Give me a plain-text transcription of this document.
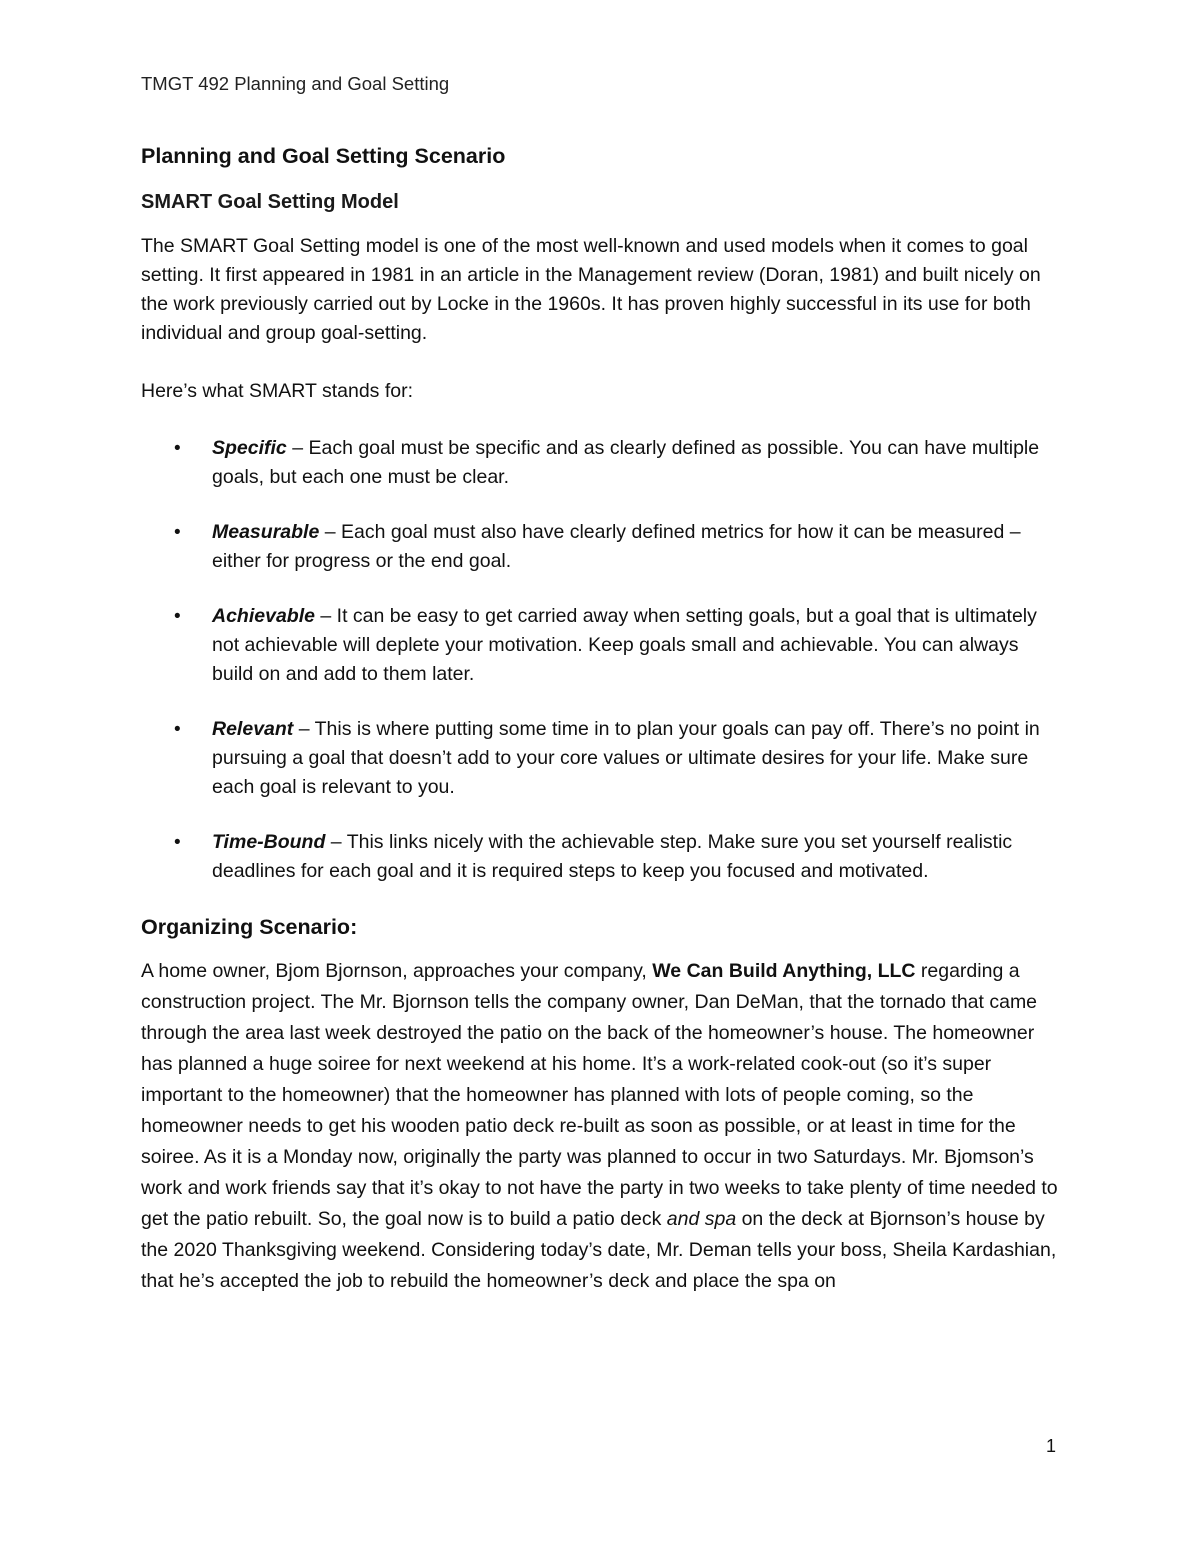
TMGT 492 Planning and Goal Setting
Planning and Goal Setting Scenario
SMART Goal Setting Model

The SMART Goal Setting model is one of the most well-known and used models when it comes to goal setting. It first appeared in 1981 in an article in the Management review (Doran, 1981) and built nicely on the work previously carried out by Locke in the 1960s. It has proven highly successful in its use for both individual and group goal-setting.

Here’s what SMART stands for:

• Specific – Each goal must be specific and as clearly defined as possible. You can have multiple goals, but each one must be clear.
• Measurable – Each goal must also have clearly defined metrics for how it can be measured – either for progress or the end goal.
• Achievable – It can be easy to get carried away when setting goals, but a goal that is ultimately not achievable will deplete your motivation. Keep goals small and achievable. You can always build on and add to them later.
• Relevant – This is where putting some time in to plan your goals can pay off. There’s no point in pursuing a goal that doesn’t add to your core values or ultimate desires for your life. Make sure each goal is relevant to you.
• Time-Bound – This links nicely with the achievable step. Make sure you set yourself realistic deadlines for each goal and it is required steps to keep you focused and motivated.
Organizing Scenario:

A home owner, Bjom Bjornson, approaches your company, We Can Build Anything, LLC regarding a construction project. The Mr. Bjornson tells the company owner, Dan DeMan, that the tornado that came through the area last week destroyed the patio on the back of the homeowner’s house. The homeowner has planned a huge soiree for next weekend at his home. It’s a work-related cook-out (so it’s super important to the homeowner) that the homeowner has planned with lots of people coming, so the homeowner needs to get his wooden patio deck re-built as soon as possible, or at least in time for the soiree. As it is a Monday now, originally the party was planned to occur in two Saturdays. Mr. Bjomson’s work and work friends say that it’s okay to not have the party in two weeks to take plenty of time needed to get the patio rebuilt. So, the goal now is to build a patio deck and spa on the deck at Bjornson’s house by the 2020 Thanksgiving weekend. Considering today’s date, Mr. Deman tells your boss, Sheila Kardashian, that he’s accepted the job to rebuild the homeowner’s deck and place the spa on

1
